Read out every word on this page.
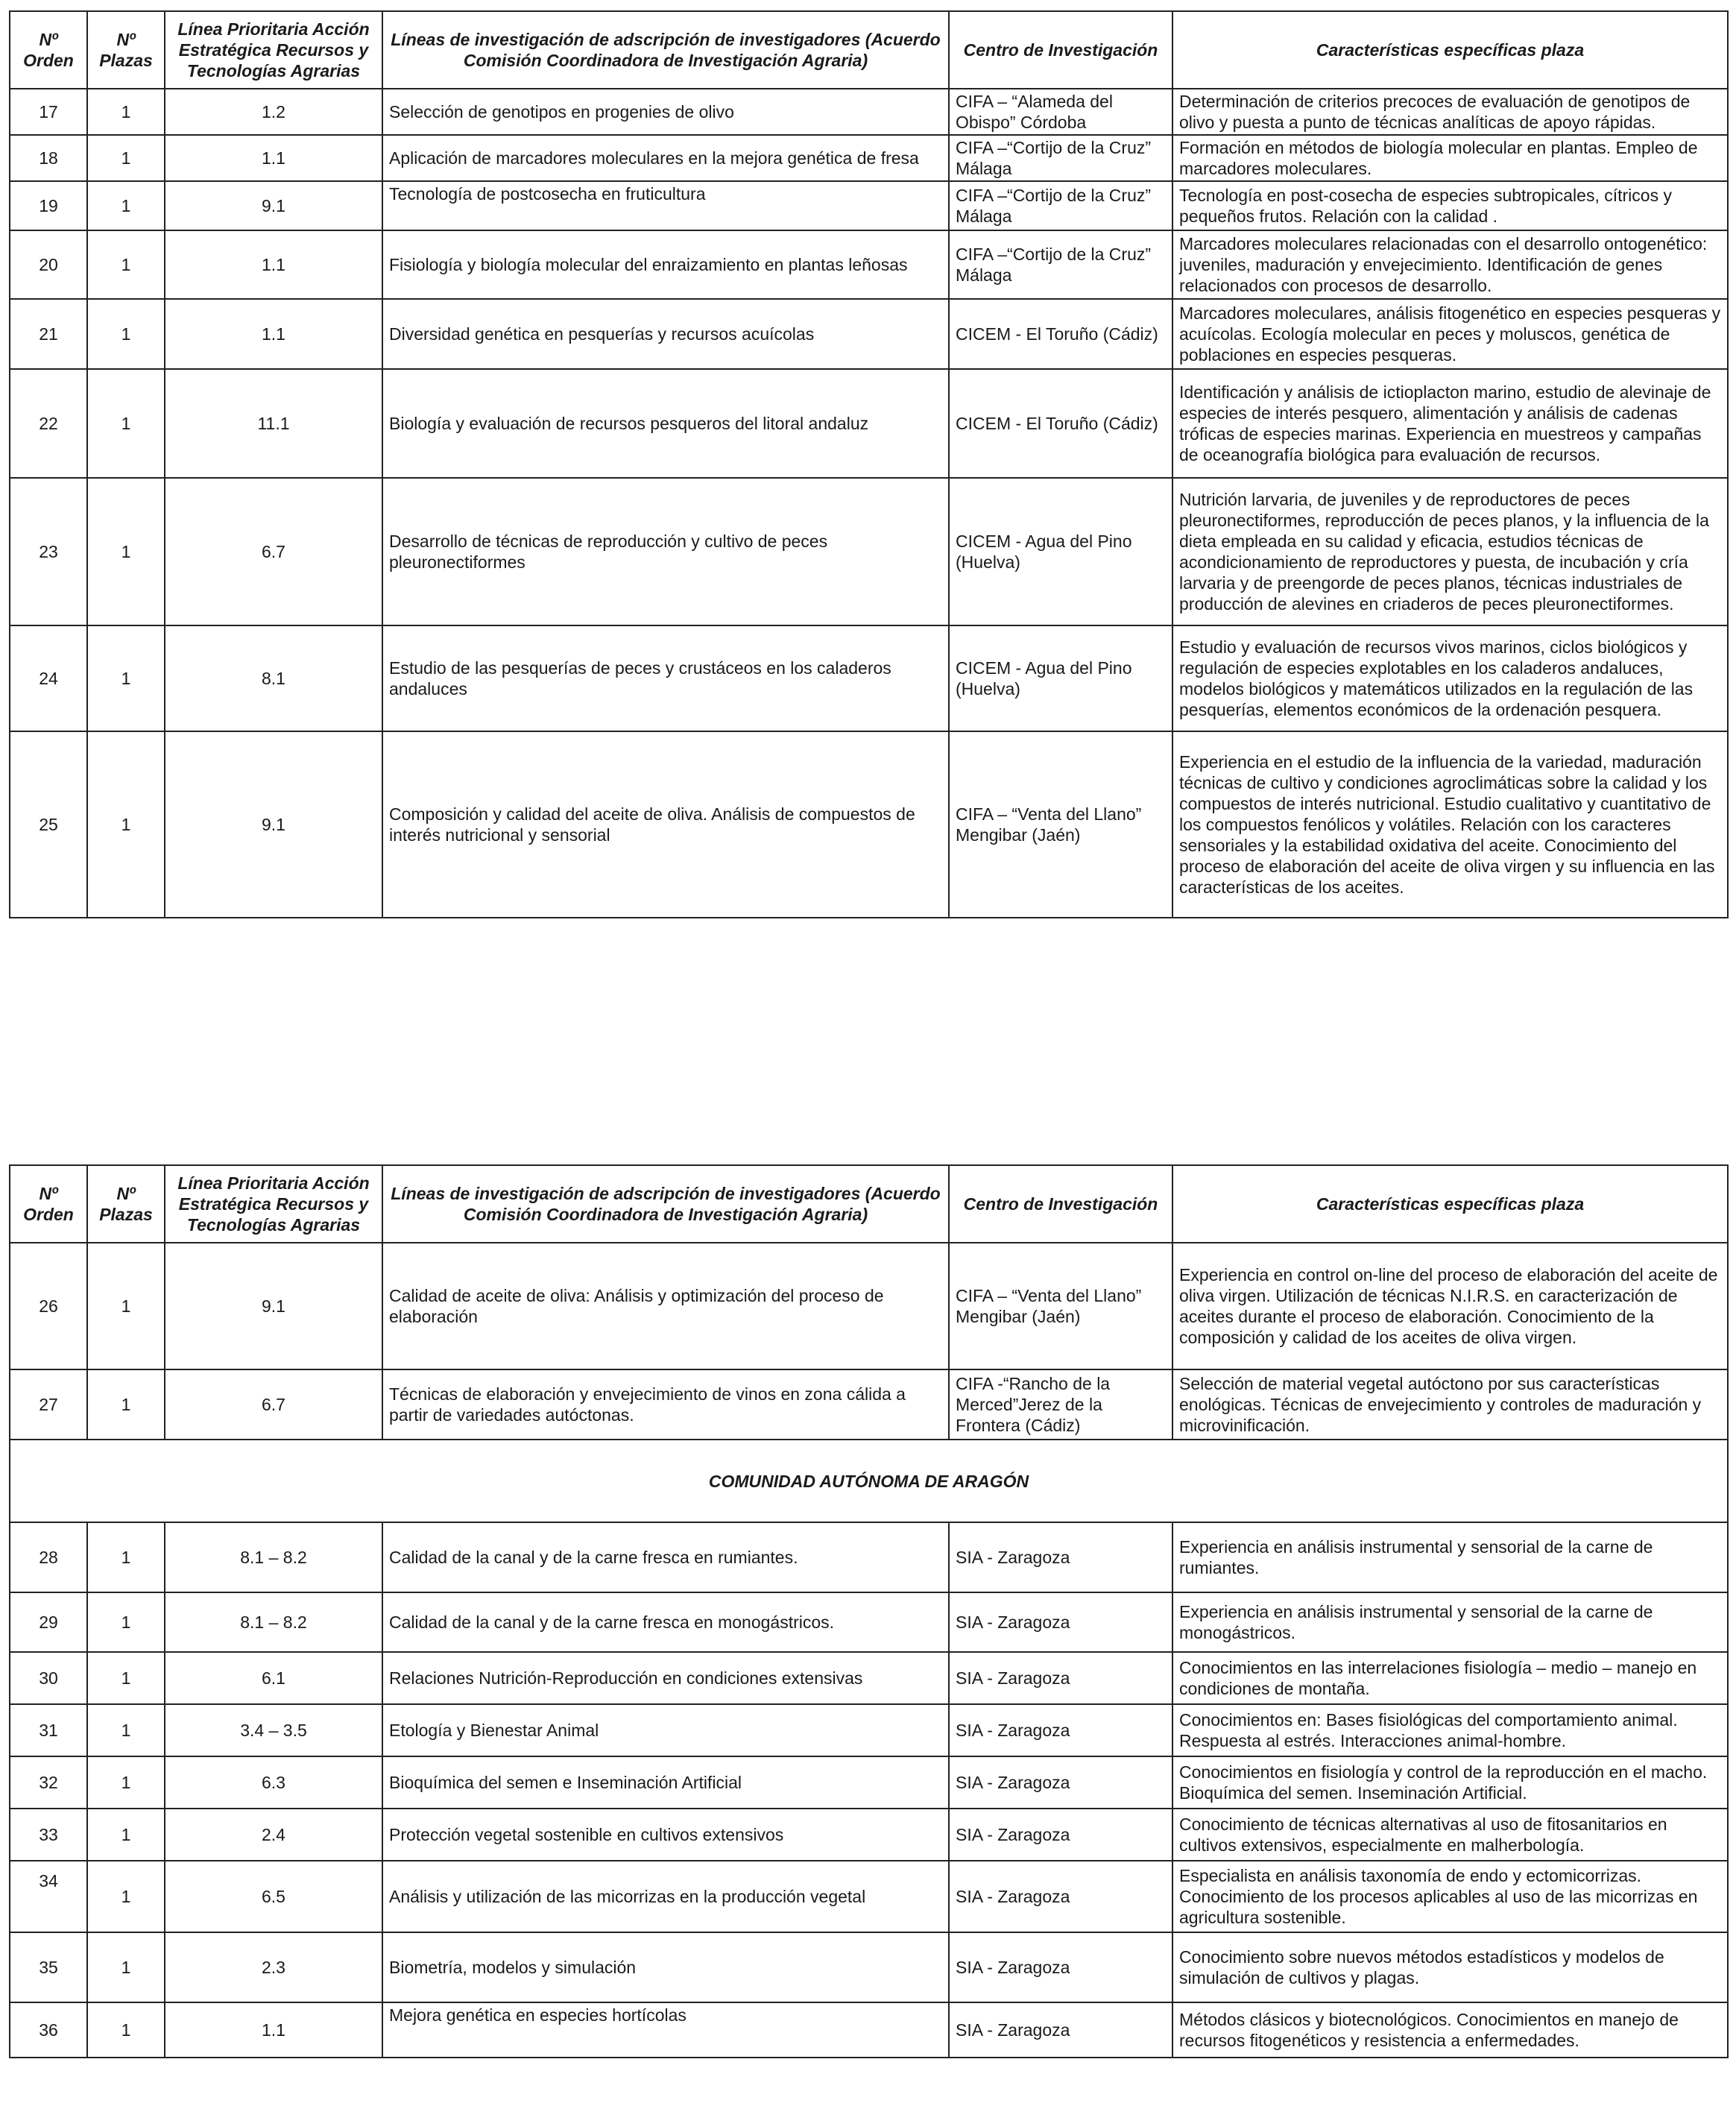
Nº Orden	Nº Plazas	Línea Prioritaria Acción Estratégica Recursos y Tecnologías Agrarias	Líneas de investigación de adscripción de investigadores (Acuerdo Comisión Coordinadora de Investigación Agraria)	Centro de Investigación	Características específicas plaza
17	1	1.2	Selección de genotipos en progenies de olivo	CIFA – “Alameda del Obispo” Córdoba	Determinación de criterios precoces de evaluación de genotipos de olivo y puesta a punto de técnicas analíticas de apoyo rápidas.
18	1	1.1	Aplicación de marcadores moleculares en la mejora genética de fresa	CIFA –“Cortijo de la Cruz” Málaga	Formación en métodos de biología molecular en plantas. Empleo de marcadores moleculares.
19	1	9.1	Tecnología de postcosecha en fruticultura	CIFA –“Cortijo de la Cruz” Málaga	Tecnología en post-cosecha de especies subtropicales, cítricos y pequeños frutos. Relación con la calidad .
20	1	1.1	Fisiología y biología molecular del enraizamiento en plantas leñosas	CIFA –“Cortijo de la Cruz” Málaga	Marcadores moleculares relacionadas con el desarrollo ontogenético: juveniles, maduración y envejecimiento. Identificación de genes relacionados con procesos de desarrollo.
21	1	1.1	Diversidad genética en pesquerías y recursos acuícolas	CICEM - El Toruño (Cádiz)	Marcadores moleculares, análisis fitogenético en especies pesqueras y acuícolas. Ecología molecular en peces y moluscos, genética de poblaciones en especies pesqueras.
22	1	11.1	Biología y evaluación de recursos pesqueros del litoral andaluz	CICEM - El Toruño (Cádiz)	Identificación y análisis de ictioplacton marino, estudio de alevinaje de especies de interés pesquero, alimentación y análisis de cadenas tróficas de especies marinas. Experiencia en muestreos y campañas de oceanografía biológica para evaluación de recursos.
23	1	6.7	Desarrollo de técnicas de reproducción y cultivo de peces pleuronectiformes	CICEM - Agua del Pino (Huelva)	Nutrición larvaria, de juveniles y de reproductores de peces pleuronectiformes, reproducción de peces planos, y la influencia de la dieta empleada en su calidad y eficacia, estudios técnicas de acondicionamiento de reproductores y puesta, de incubación y cría larvaria y de preengorde de peces planos, técnicas industriales de producción de alevines en criaderos de peces pleuronectiformes.
24	1	8.1	Estudio de las pesquerías de peces y crustáceos en los caladeros andaluces	CICEM - Agua del Pino (Huelva)	Estudio y evaluación de recursos vivos marinos, ciclos biológicos y regulación de especies explotables en los caladeros andaluces, modelos biológicos y matemáticos utilizados en la regulación de las pesquerías, elementos económicos de la ordenación pesquera.
25	1	9.1	Composición y calidad del aceite de oliva. Análisis de compuestos de interés nutricional y sensorial	CIFA – “Venta del Llano” Mengibar (Jaén)	Experiencia en el estudio de la influencia de la variedad, maduración técnicas de cultivo y condiciones agroclimáticas sobre la calidad y los compuestos de interés nutricional. Estudio cualitativo y cuantitativo de los compuestos fenólicos y volátiles. Relación con los caracteres sensoriales y la estabilidad oxidativa del aceite. Conocimiento del proceso de elaboración del aceite de oliva virgen y su influencia en las características de los aceites.
Nº Orden	Nº Plazas	Línea Prioritaria Acción Estratégica Recursos y Tecnologías Agrarias	Líneas de investigación de adscripción de investigadores (Acuerdo Comisión Coordinadora de Investigación Agraria)	Centro de Investigación	Características específicas plaza
26	1	9.1	Calidad de aceite de oliva: Análisis y optimización del proceso de elaboración	CIFA – “Venta del Llano” Mengibar (Jaén)	Experiencia en control on-line del proceso de elaboración del aceite de oliva virgen. Utilización de técnicas N.I.R.S. en caracterización de aceites durante el proceso de elaboración. Conocimiento de la composición y calidad de los aceites de oliva virgen.
27	1	6.7	Técnicas de elaboración y envejecimiento de vinos en zona cálida a partir de variedades autóctonas.	CIFA -“Rancho de la Merced”Jerez de la Frontera (Cádiz)	Selección de material vegetal autóctono por sus características enológicas. Técnicas de envejecimiento y controles de maduración y microvinificación.
COMUNIDAD AUTÓNOMA DE ARAGÓN					
28	1	8.1 – 8.2	Calidad de la canal y de la carne fresca en rumiantes.	SIA - Zaragoza	Experiencia en análisis instrumental y sensorial de la carne de rumiantes.
29	1	8.1 – 8.2	Calidad de la canal y de la carne fresca en monogástricos.	SIA - Zaragoza	Experiencia en análisis instrumental y sensorial de la carne de monogástricos.
30	1	6.1	Relaciones Nutrición-Reproducción en condiciones extensivas	SIA - Zaragoza	Conocimientos en las interrelaciones fisiología – medio – manejo en condiciones de montaña.
31	1	3.4 – 3.5	Etología y Bienestar Animal	SIA - Zaragoza	Conocimientos en: Bases fisiológicas del comportamiento animal. Respuesta al estrés. Interacciones animal-hombre.
32	1	6.3	Bioquímica del semen e Inseminación Artificial	SIA - Zaragoza	Conocimientos en fisiología y control de la reproducción en el macho. Bioquímica del semen. Inseminación Artificial.
33	1	2.4	Protección vegetal sostenible en cultivos extensivos	SIA - Zaragoza	Conocimiento de técnicas alternativas al uso de fitosanitarios en cultivos extensivos, especialmente en malherbología.
34	1	6.5	Análisis y utilización de las micorrizas en la producción vegetal	SIA - Zaragoza	Especialista en análisis taxonomía de endo y ectomicorrizas. Conocimiento de los procesos aplicables al uso de las micorrizas en agricultura sostenible.
35	1	2.3	Biometría, modelos y simulación	SIA - Zaragoza	Conocimiento sobre nuevos métodos estadísticos y modelos de simulación de cultivos y plagas.
36	1	1.1	Mejora genética en especies hortícolas	SIA - Zaragoza	Métodos clásicos y biotecnológicos. Conocimientos en manejo de recursos fitogenéticos y resistencia a enfermedades.
